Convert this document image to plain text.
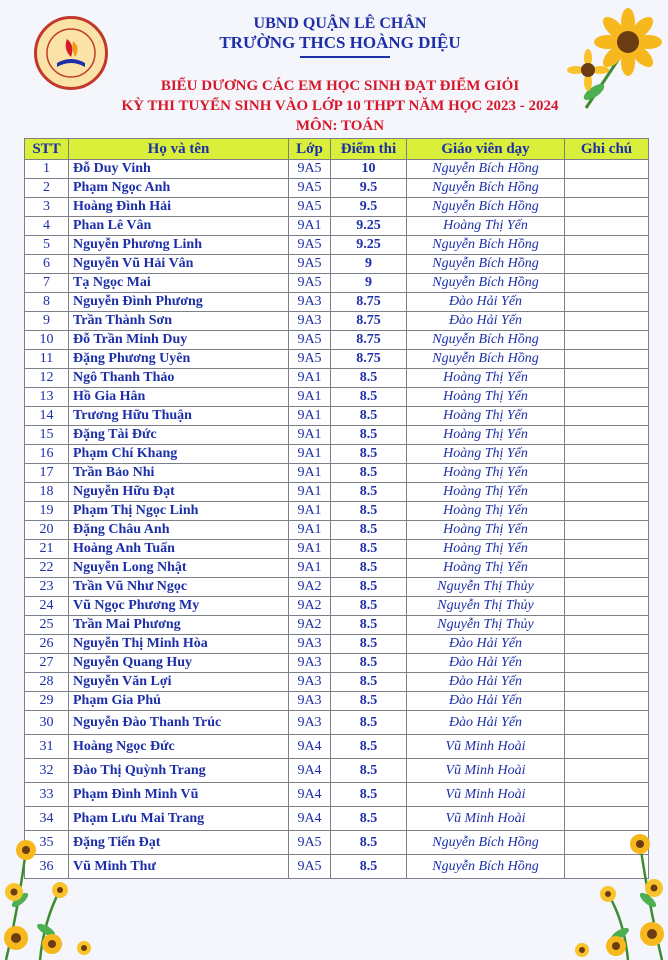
UBND QUẬN LÊ CHÂN
TRƯỜNG THCS HOÀNG DIỆU
BIỂU DƯƠNG CÁC EM HỌC SINH ĐẠT ĐIỂM GIỎI
KỲ THI TUYỂN SINH VÀO LỚP 10 THPT NĂM HỌC 2023 - 2024
MÔN: TOÁN
STT	Họ và tên	Lớp	Điểm thi	Giáo viên dạy	Ghi chú
1	Đỗ Duy Vinh	9A5	10	Nguyễn Bích Hồng	
2	Phạm Ngọc Anh	9A5	9.5	Nguyễn Bích Hồng	
3	Hoàng Đình Hải	9A5	9.5	Nguyễn Bích Hồng	
4	Phan Lê Vân	9A1	9.25	Hoàng Thị Yến	
5	Nguyễn Phương Linh	9A5	9.25	Nguyễn Bích Hồng	
6	Nguyễn Vũ Hải Vân	9A5	9	Nguyễn Bích Hồng	
7	Tạ Ngọc Mai	9A5	9	Nguyễn Bích Hồng	
8	Nguyễn Đình Phương	9A3	8.75	Đào Hải Yến	
9	Trần Thành Sơn	9A3	8.75	Đào Hải Yến	
10	Đỗ Trần Minh Duy	9A5	8.75	Nguyễn Bích Hồng	
11	Đặng Phương Uyên	9A5	8.75	Nguyễn Bích Hồng	
12	Ngô Thanh Thảo	9A1	8.5	Hoàng Thị Yến	
13	Hồ Gia Hân	9A1	8.5	Hoàng Thị Yến	
14	Trương Hữu Thuận	9A1	8.5	Hoàng Thị Yến	
15	Đặng Tài Đức	9A1	8.5	Hoàng Thị Yến	
16	Phạm Chí Khang	9A1	8.5	Hoàng Thị Yến	
17	Trần Bảo Nhi	9A1	8.5	Hoàng Thị Yến	
18	Nguyễn Hữu Đạt	9A1	8.5	Hoàng Thị Yến	
19	Phạm Thị Ngọc Linh	9A1	8.5	Hoàng Thị Yến	
20	Đặng Châu Anh	9A1	8.5	Hoàng Thị Yến	
21	Hoàng Anh Tuấn	9A1	8.5	Hoàng Thị Yến	
22	Nguyễn Long Nhật	9A1	8.5	Hoàng Thị Yến	
23	Trần Vũ Như Ngọc	9A2	8.5	Nguyễn Thị Thủy	
24	Vũ Ngọc Phương My	9A2	8.5	Nguyễn Thị Thủy	
25	Trần Mai Phương	9A2	8.5	Nguyễn Thị Thủy	
26	Nguyễn Thị Minh Hòa	9A3	8.5	Đào Hải Yến	
27	Nguyễn Quang Huy	9A3	8.5	Đào Hải Yến	
28	Nguyễn Văn Lợi	9A3	8.5	Đào Hải Yến	
29	Phạm Gia Phú	9A3	8.5	Đào Hải Yến	
30	Nguyễn Đào Thanh Trúc	9A3	8.5	Đào Hải Yến	
31	Hoàng Ngọc Đức	9A4	8.5	Vũ Minh Hoài	
32	Đào Thị Quỳnh Trang	9A4	8.5	Vũ Minh Hoài	
33	Phạm Đình Minh Vũ	9A4	8.5	Vũ Minh Hoài	
34	Phạm Lưu Mai Trang	9A4	8.5	Vũ Minh Hoài	
35	Đặng Tiến Đạt	9A5	8.5	Nguyễn Bích Hồng	
36	Vũ Minh Thư	9A5	8.5	Nguyễn Bích Hồng	
